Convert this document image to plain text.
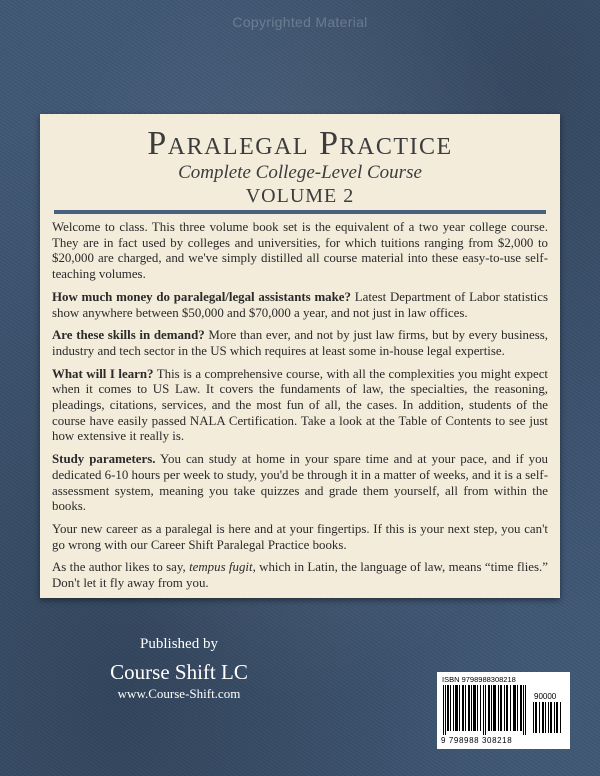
Copyrighted Material
Paralegal Practice
Complete College-Level Course
VOLUME 2

Welcome to class. This three volume book set is the equivalent of a two year college course. They are in fact used by colleges and universities, for which tuitions ranging from $2,000 to $20,000 are charged, and we've simply distilled all course material into these easy-to-use self-teaching volumes.

How much money do paralegal/legal assistants make? Latest Department of Labor statistics show anywhere between $50,000 and $70,000 a year, and not just in law offices.

Are these skills in demand? More than ever, and not by just law firms, but by every business, industry and tech sector in the US which requires at least some in-house legal expertise.

What will I learn? This is a comprehensive course, with all the complexities you might expect when it comes to US Law. It covers the fundaments of law, the specialties, the reasoning, pleadings, citations, services, and the most fun of all, the cases. In addition, students of the course have easily passed NALA Certification. Take a look at the Table of Contents to see just how extensive it really is.

Study parameters. You can study at home in your spare time and at your pace, and if you dedicated 6-10 hours per week to study, you'd be through it in a matter of weeks, and it is a self-assessment system, meaning you take quizzes and grade them yourself, all from within the books.

Your new career as a paralegal is here and at your fingertips. If this is your next step, you can't go wrong with our Career Shift Paralegal Practice books.

As the author likes to say, tempus fugit, which in Latin, the language of law, means “time flies.” Don't let it fly away from you.

Published by
Course Shift LC
www.Course-Shift.com
ISBN 9798988308218
90000
9 798988 308218
